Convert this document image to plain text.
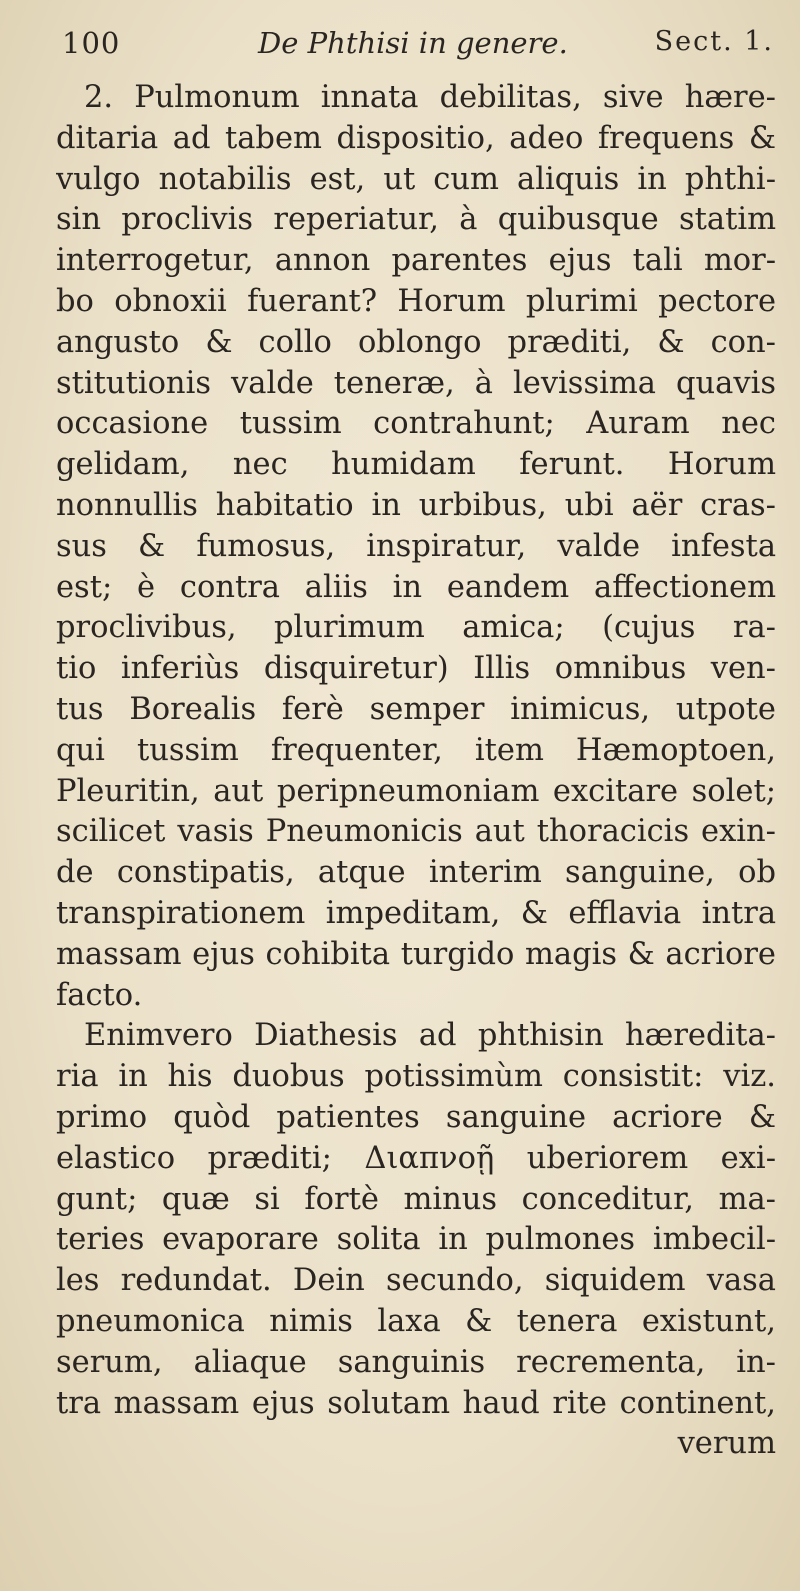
100	De Phthisi in genere.	Sect. 1.
2. Pulmonum innata debilitas, sive hære-
ditaria ad tabem dispositio, adeo frequens &
vulgo notabilis est, ut cum aliquis in phthi-
sin proclivis reperiatur, à quibusque statim
interrogetur, annon parentes ejus tali mor-
bo obnoxii fuerant? Horum plurimi pectore
angusto & collo oblongo præditi, & con-
stitutionis valde teneræ, à levissima quavis
occasione tussim contrahunt; Auram nec
gelidam, nec humidam ferunt. Horum
nonnullis habitatio in urbibus, ubi aër cras-
sus & fumosus, inspiratur, valde infesta
est; è contra aliis in eandem affectionem
proclivibus, plurimum amica; (cujus ra-
tio inferiùs disquiretur) Illis omnibus ven-
tus Borealis ferè semper inimicus, utpote
qui tussim frequenter, item Hæmoptoen,
Pleuritin, aut peripneumoniam excitare solet;
scilicet vasis Pneumonicis aut thoracicis exin-
de constipatis, atque interim sanguine, ob
transpirationem impeditam, & efflavia intra
massam ejus cohibita turgido magis & acriore
facto.
Enimvero Diathesis ad phthisin hæredita-
ria in his duobus potissimùm consistit: viz.
primo quòd patientes sanguine acriore &
elastico præditi; Διαπνοῇ uberiorem exi-
gunt; quæ si fortè minus conceditur, ma-
teries evaporare solita in pulmones imbecil-
les redundat. Dein secundo, siquidem vasa
pneumonica nimis laxa & tenera existunt,
serum, aliaque sanguinis recrementa, in-
tra massam ejus solutam haud rite continent,
verum
